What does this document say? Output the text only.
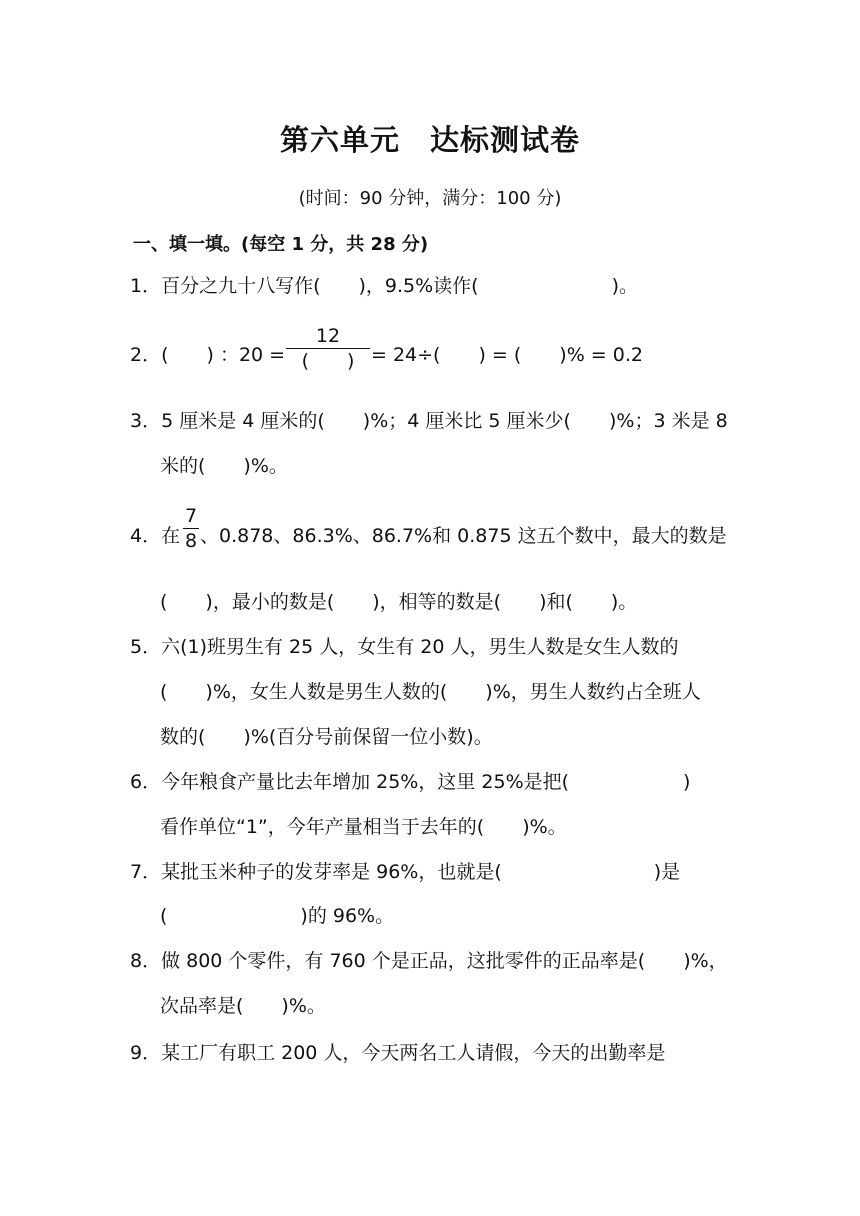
第六单元　达标测试卷
(时间：90 分钟，满分：100 分)
一、填一填。(每空 1 分，共 28 分)
1．百分之九十八写作(　　)，9.5%读作(　　　　　　　)。
2．(　　) ：20 =
12
(　　) = 24÷(　　) = (　　)% = 0.2
3．5 厘米是 4 厘米的(　　)%；4 厘米比 5 厘米少(　　)%；3 米是 8
米的(　　)%。
4．在
7
8 、0.878、86.3%、86.7%和 0.875 这五个数中，最大的数是
(　　)，最小的数是(　　)，相等的数是(　　)和(　　)。
5．六(1)班男生有 25 人，女生有 20 人，男生人数是女生人数的
(　　)%，女生人数是男生人数的(　　)%，男生人数约占全班人
数的(　　)%(百分号前保留一位小数)。
6．今年粮食产量比去年增加 25%，这里 25%是把(　　　　　　)
看作单位“1”，今年产量相当于去年的(　　)%。
7．某批玉米种子的发芽率是 96%，也就是(　　　　　　　　)是
(　　　　　　　)的 96%。
8．做 800 个零件，有 760 个是正品，这批零件的正品率是(　　)%，
次品率是(　　)%。
9．某工厂有职工 200 人，今天两名工人请假，今天的出勤率是
